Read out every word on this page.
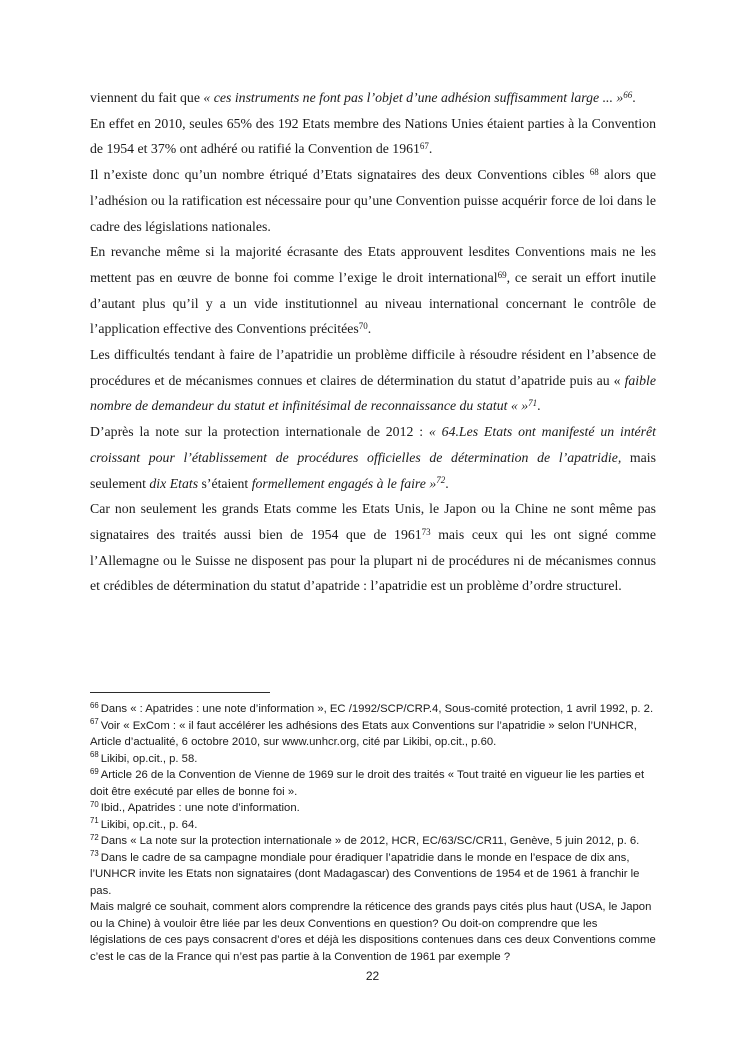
viennent du fait que « ces instruments ne font pas l’objet d’une adhésion suffisamment large ... »$^{66}$.

En effet en 2010, seules 65% des 192 Etats membre des Nations Unies étaient parties à la Convention de 1954 et 37% ont adhéré ou ratifié la Convention de 1961$^{67}$.

Il n’existe donc qu’un nombre étriqué d’Etats signataires des deux Conventions cibles $^{68}$ alors que l’adhésion ou la ratification est nécessaire pour qu’une Convention puisse acquérir force de loi dans le cadre des législations nationales.

En revanche même si la majorité écrasante des Etats approuvent lesdites Conventions mais ne les mettent pas en œuvre de bonne foi comme l’exige le droit international$^{69}$, ce serait un effort inutile d’autant plus qu’il y a un vide institutionnel au niveau international concernant le contrôle de l’application effective des Conventions précitées$^{70}$.

Les difficultés tendant à faire de l’apatridie un problème difficile à résoudre résident en l’absence de procédures et de mécanismes connues et claires de détermination du statut d’apatride puis au « faible nombre de demandeur du statut et infinitésimal de reconnaissance du statut « »$^{71}$.

D’après la note sur la protection internationale de 2012 : « 64.Les Etats ont manifesté un intérêt croissant pour l’établissement de procédures officielles de détermination de l’apatridie, mais seulement dix Etats s’étaient formellement engagés à le faire »$^{72}$.

Car non seulement les grands Etats comme les Etats Unis, le Japon ou la Chine ne sont même pas signataires des traités aussi bien de 1954 que de 1961$^{73}$ mais ceux qui les ont signé comme l’Allemagne ou le Suisse ne disposent pas pour la plupart ni de procédures ni de mécanismes connus et crédibles de détermination du statut d’apatride : l’apatridie est un problème d’ordre structurel.

$^{66}$ Dans « : Apatrides : une note d’information », EC /1992/SCP/CRP.4, Sous-comité protection, 1 avril 1992, p. 2.

$^{67}$ Voir « ExCom : « il faut accélérer les adhésions des Etats aux Conventions sur l’apatridie » selon l’UNHCR, Article d’actualité, 6 octobre 2010, sur www.unhcr.org, cité par Likibi, op.cit., p.60.

$^{68}$ Likibi, op.cit., p. 58.

$^{69}$ Article 26 de la Convention de Vienne de 1969 sur le droit des traités « Tout traité en vigueur lie les parties et doit être exécuté par elles de bonne foi ».

$^{70}$ Ibid., Apatrides : une note d’information.

$^{71}$ Likibi, op.cit., p. 64.

$^{72}$ Dans « La note sur la protection internationale » de 2012, HCR, EC/63/SC/CR11, Genève, 5 juin 2012, p. 6.

$^{73}$ Dans le cadre de sa campagne mondiale pour éradiquer l’apatridie dans le monde en l’espace de dix ans, l’UNHCR invite les Etats non signataires (dont Madagascar) des Conventions de 1954 et de 1961 à franchir le pas.

Mais malgré ce souhait, comment alors comprendre la réticence des grands pays cités plus haut (USA, le Japon ou la Chine) à vouloir être liée par les deux Conventions en question? Ou doit-on comprendre que les législations de ces pays consacrent d’ores et déjà les dispositions contenues dans ces deux Conventions comme c’est le cas de la France qui n’est pas partie à la Convention de 1961 par exemple ?

22
